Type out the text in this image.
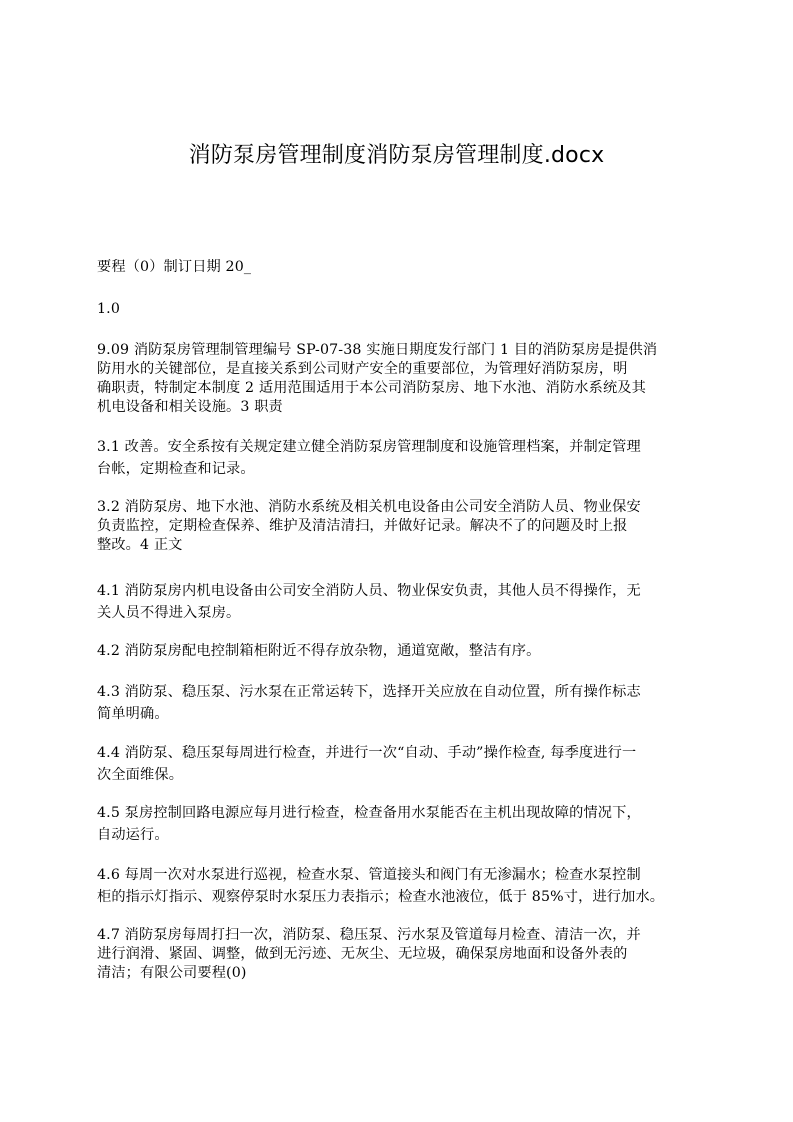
消防泵房管理制度消防泵房管理制度.docx

要程（0）制订日期 20_

1.0

9.09 消防泵房管理制管理编号 SP-07-38 实施日期度发行部门 1 目的消防泵房是提供消
防用水的关键部位，是直接关系到公司财产安全的重要部位，为管理好消防泵房，明
确职责，特制定本制度 2 适用范围适用于本公司消防泵房、地下水池、消防水系统及其
机电设备和相关设施。3 职责

3.1 改善。安全系按有关规定建立健全消防泵房管理制度和设施管理档案，并制定管理
台帐，定期检查和记录。

3.2 消防泵房、地下水池、消防水系统及相关机电设备由公司安全消防人员、物业保安
负责监控，定期检查保养、维护及清洁清扫，并做好记录。解决不了的问题及时上报
整改。4 正文

4.1 消防泵房内机电设备由公司安全消防人员、物业保安负责，其他人员不得操作，无
关人员不得进入泵房。

4.2 消防泵房配电控制箱柜附近不得存放杂物，通道宽敞，整洁有序。

4.3 消防泵、稳压泵、污水泵在正常运转下，选择开关应放在自动位置，所有操作标志
简单明确。

4.4 消防泵、稳压泵每周进行检查，并进行一次“自动、手动”操作检查, 每季度进行一
次全面维保。

4.5 泵房控制回路电源应每月进行检查，检查备用水泵能否在主机出现故障的情况下，
自动运行。

4.6 每周一次对水泵进行巡视，检查水泵、管道接头和阀门有无渗漏水；检查水泵控制
柜的指示灯指示、观察停泵时水泵压力表指示；检查水池液位，低于 85%寸，进行加水。

4.7 消防泵房每周打扫一次，消防泵、稳压泵、污水泵及管道每月检查、清洁一次，并
进行润滑、紧固、调整，做到无污迹、无灰尘、无垃圾，确保泵房地面和设备外表的
清洁；有限公司要程(0)
